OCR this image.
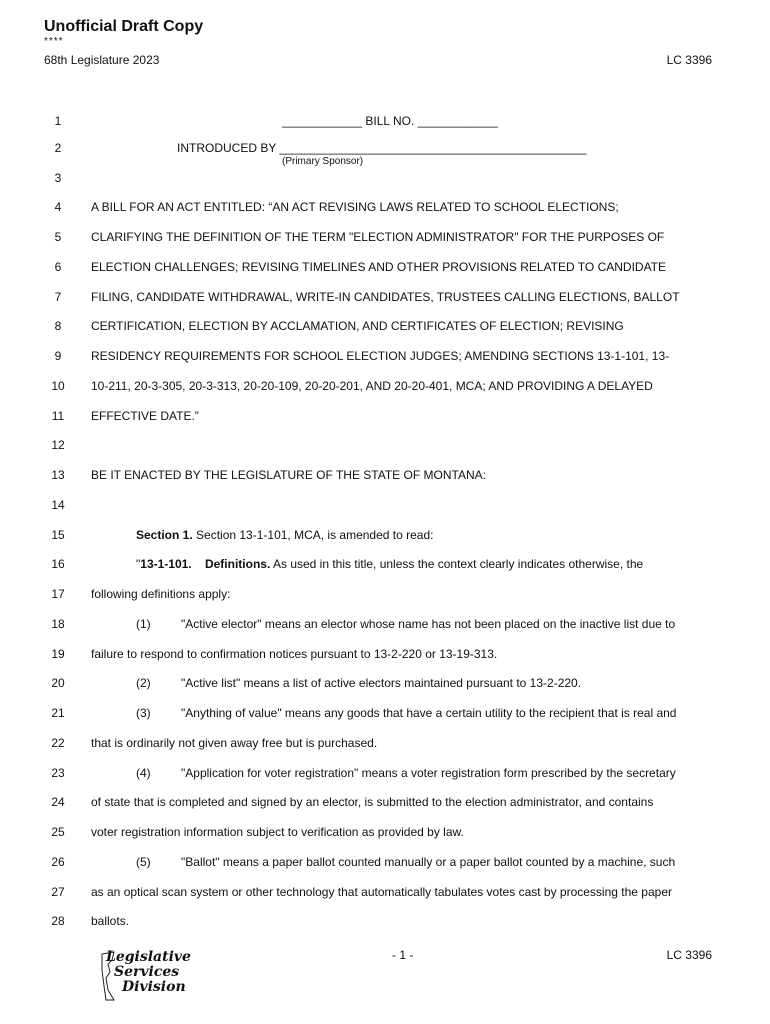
Unofficial Draft Copy
****
68th Legislature 2023	LC 3396
1	____________ BILL NO. ____________
2	INTRODUCED BY ______________________________________________
(Primary Sponsor)
3
4	A BILL FOR AN ACT ENTITLED: “AN ACT REVISING LAWS RELATED TO SCHOOL ELECTIONS;
5	CLARIFYING THE DEFINITION OF THE TERM "ELECTION ADMINISTRATOR" FOR THE PURPOSES OF
6	ELECTION CHALLENGES; REVISING TIMELINES AND OTHER PROVISIONS RELATED TO CANDIDATE
7	FILING, CANDIDATE WITHDRAWAL, WRITE-IN CANDIDATES, TRUSTEES CALLING ELECTIONS, BALLOT
8	CERTIFICATION, ELECTION BY ACCLAMATION, AND CERTIFICATES OF ELECTION; REVISING
9	RESIDENCY REQUIREMENTS FOR SCHOOL ELECTION JUDGES; AMENDING SECTIONS 13-1-101, 13-
10 10-211, 20-3-305, 20-3-313, 20-20-109, 20-20-201, AND 20-20-401, MCA; AND PROVIDING A DELAYED
11	EFFECTIVE DATE.”
12
13 BE IT ENACTED BY THE LEGISLATURE OF THE STATE OF MONTANA:
14
15	Section 1. Section 13-1-101, MCA, is amended to read:
16	"13-1-101.    Definitions. As used in this title, unless the context clearly indicates otherwise, the
17 following definitions apply:
18	(1)	"Active elector" means an elector whose name has not been placed on the inactive list due to
19 failure to respond to confirmation notices pursuant to 13-2-220 or 13-19-313.
20	(2)	"Active list" means a list of active electors maintained pursuant to 13-2-220.
21	(3)	"Anything of value" means any goods that have a certain utility to the recipient that is real and
22 that is ordinarily not given away free but is purchased.
23	(4)	"Application for voter registration" means a voter registration form prescribed by the secretary
24 of state that is completed and signed by an elector, is submitted to the election administrator, and contains
25 voter registration information subject to verification as provided by law.
26	(5)	"Ballot" means a paper ballot counted manually or a paper ballot counted by a machine, such
27 as an optical scan system or other technology that automatically tabulates votes cast by processing the paper
28 ballots.
Legislative
Services
Division
- 1 -	LC 3396
